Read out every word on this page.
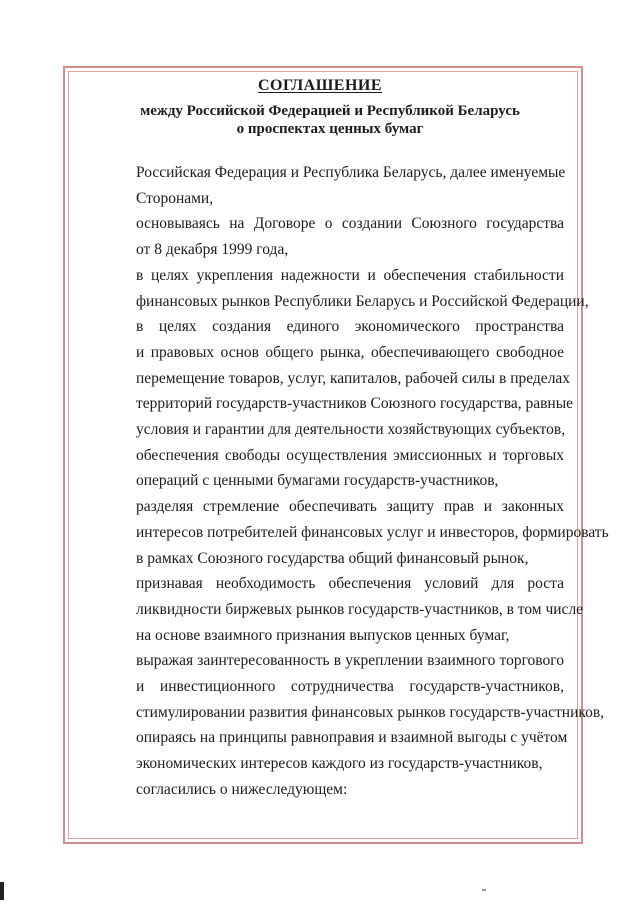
СОГЛАШЕНИЕ
между Российской Федерацией и Республикой Беларусь
о проспектах ценных бумаг

Российская Федерация и Республика Беларусь, далее именуемые
Сторонами,

основываясь на Договоре о создании Союзного государства
от 8 декабря 1999 года,

в целях укрепления надежности и обеспечения стабильности
финансовых рынков Республики Беларусь и Российской Федерации,

в целях создания единого экономического пространства
и правовых основ общего рынка, обеспечивающего свободное
перемещение товаров, услуг, капиталов, рабочей силы в пределах
территорий государств-участников Союзного государства, равные
условия и гарантии для деятельности хозяйствующих субъектов,
обеспечения свободы осуществления эмиссионных и торговых
операций с ценными бумагами государств-участников,

разделяя стремление обеспечивать защиту прав и законных
интересов потребителей финансовых услуг и инвесторов, формировать
в рамках Союзного государства общий финансовый рынок,

признавая необходимость обеспечения условий для роста
ликвидности биржевых рынков государств-участников, в том числе
на основе взаимного признания выпусков ценных бумаг,

выражая заинтересованность в укреплении взаимного торгового
и инвестиционного сотрудничества государств-участников,
стимулировании развития финансовых рынков государств-участников,

опираясь на принципы равноправия и взаимной выгоды с учётом
экономических интересов каждого из государств-участников,

согласились о нижеследующем:
